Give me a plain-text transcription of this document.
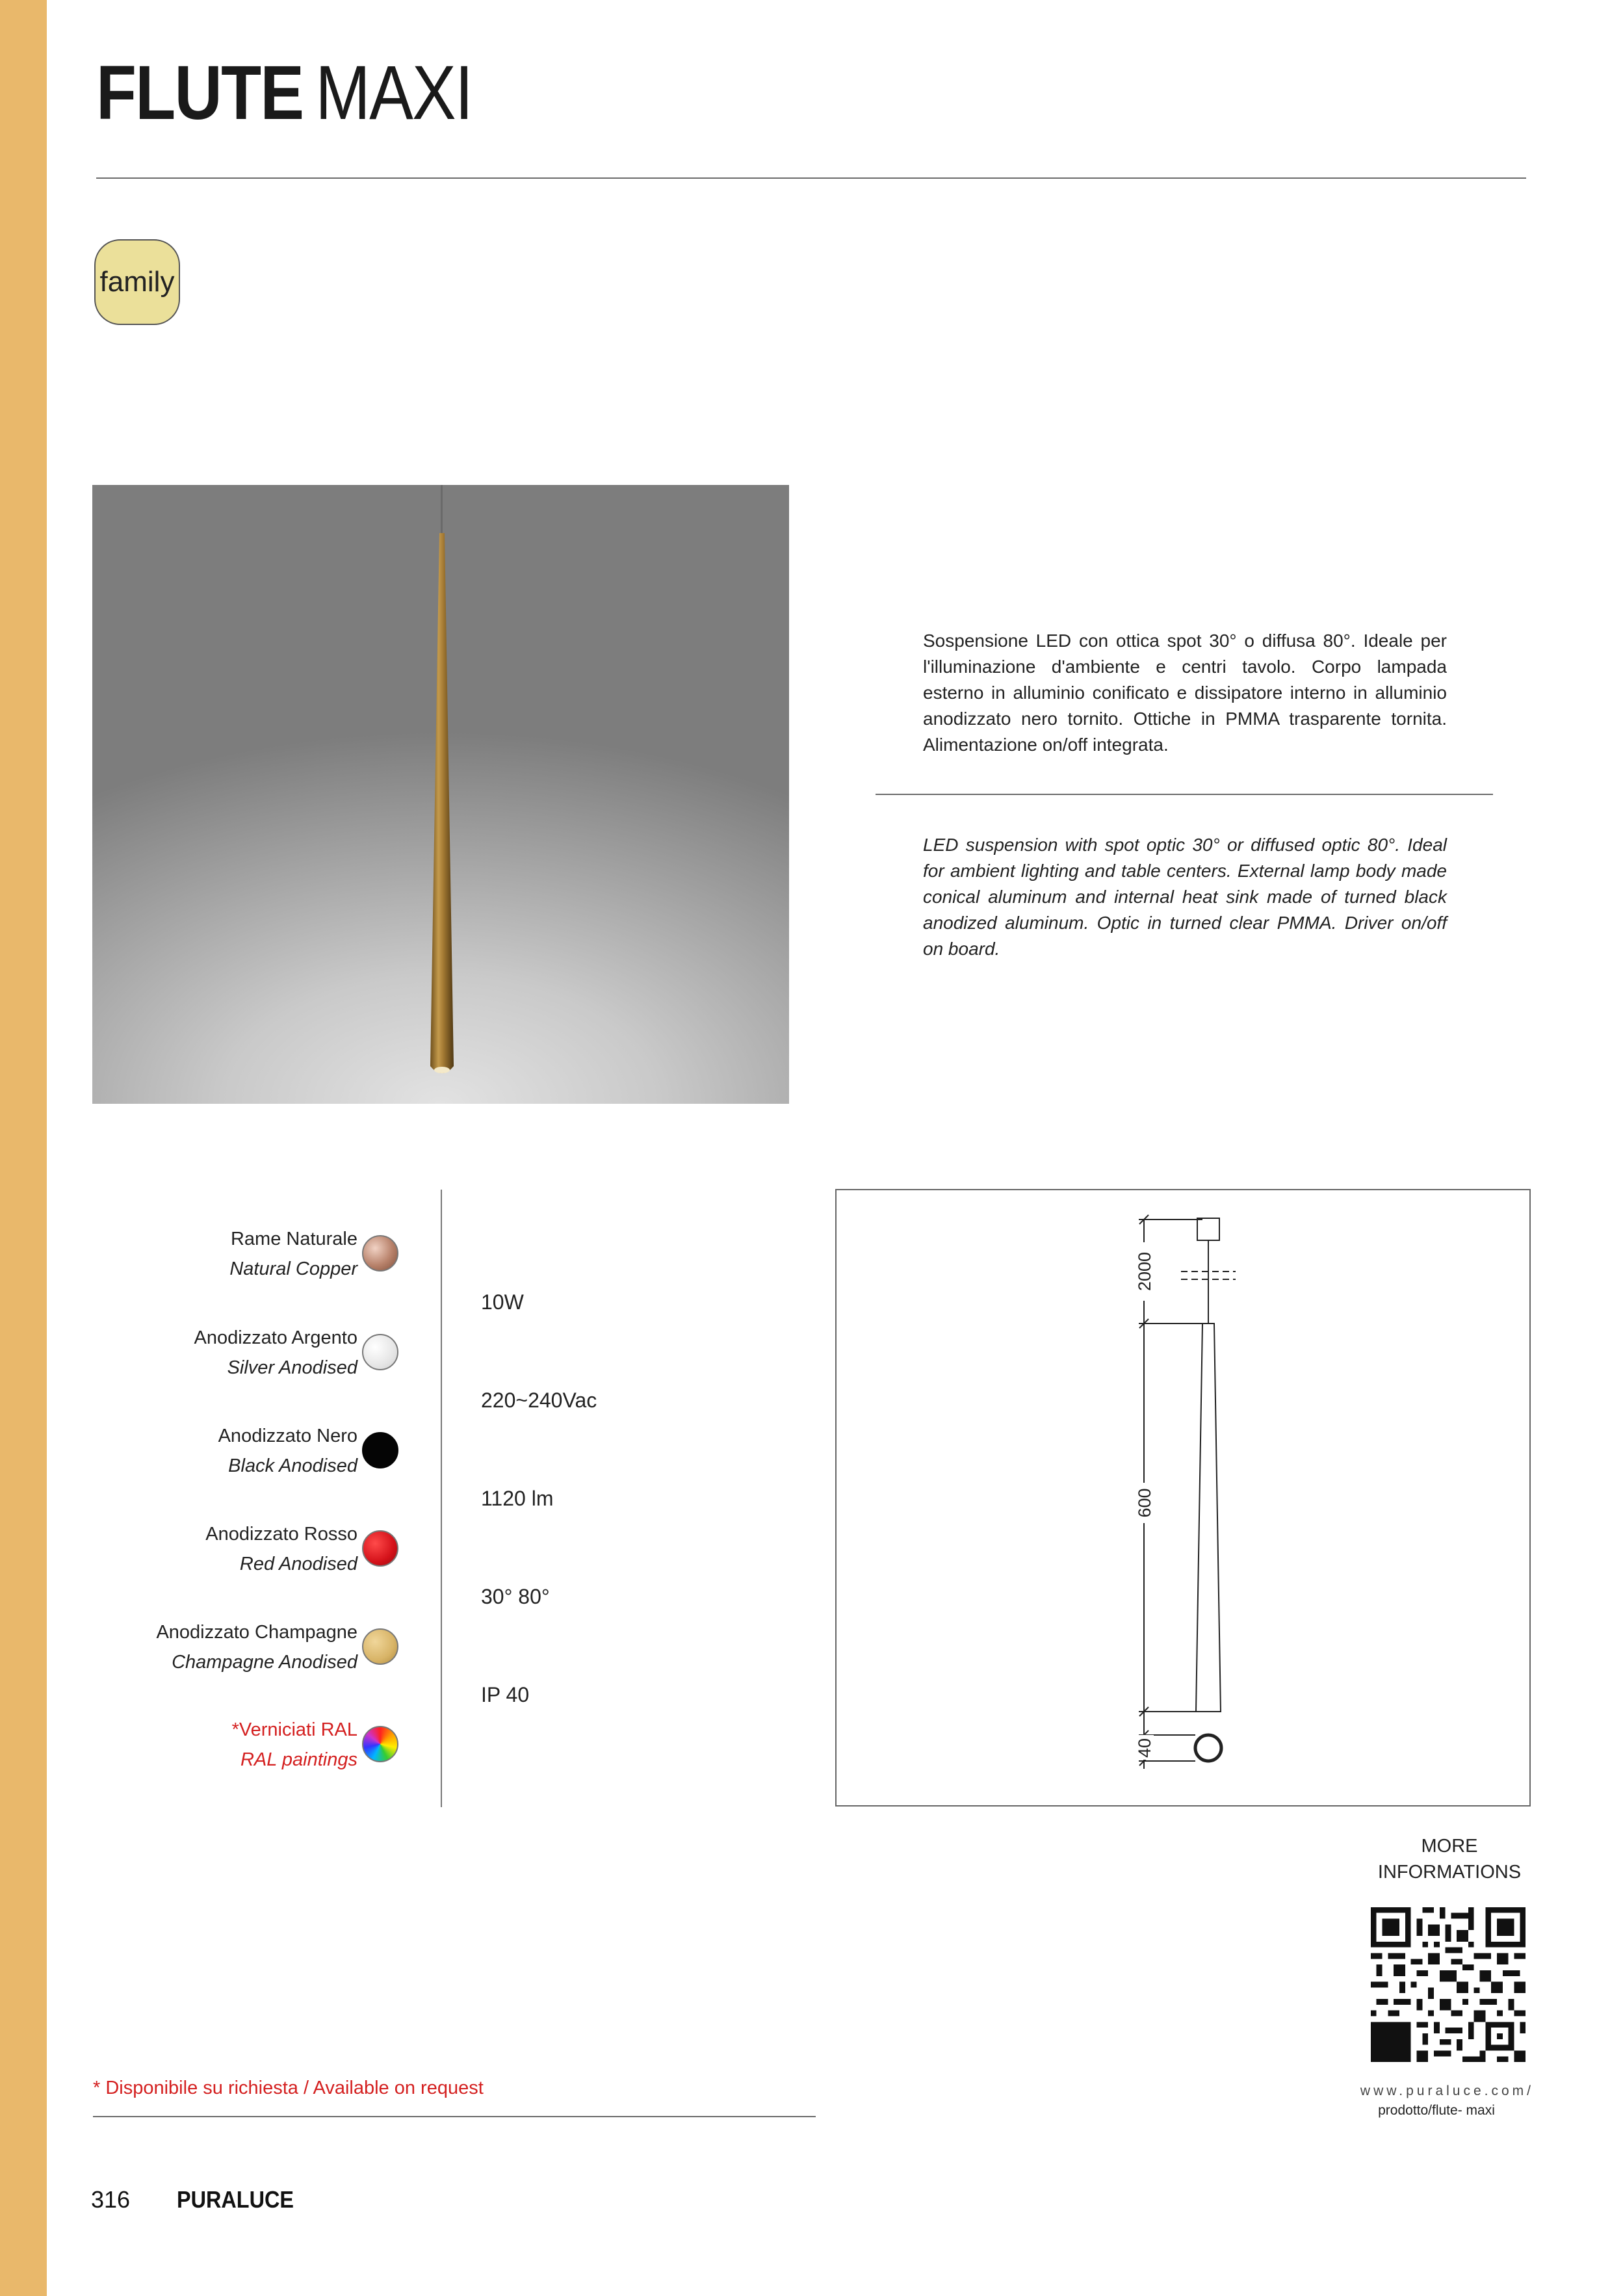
FLUTE MAXI
family
Sospensione LED con ottica spot 30° o diffusa 80°. Ideale per l'illuminazione d'ambiente e centri tavolo. Corpo lampada esterno in alluminio conificato e dissipatore interno in alluminio anodizzato nero tornito. Ottiche in PMMA trasparente tornita. Alimentazione on/off integrata.
LED suspension with spot optic 30° or diffused optic 80°. Ideal for ambient lighting and table centers. External lamp body made conical aluminum and internal heat sink made of turned black anodized aluminum. Optic in turned clear PMMA. Driver on/off on board.
Rame Naturale
Natural Copper
Anodizzato Argento
Silver Anodised
Anodizzato Nero
Black Anodised
Anodizzato Rosso
Red Anodised
Anodizzato Champagne
Champagne Anodised
*Verniciati RAL
RAL paintings
10W
220~240Vac
1120 lm
30° 80°
IP 40
2000
600
40
MORE
INFORMATIONS
www.puraluce.com/
prodotto/flute- maxi
* Disponibile su richiesta / Available on request
316 PURALUCE
